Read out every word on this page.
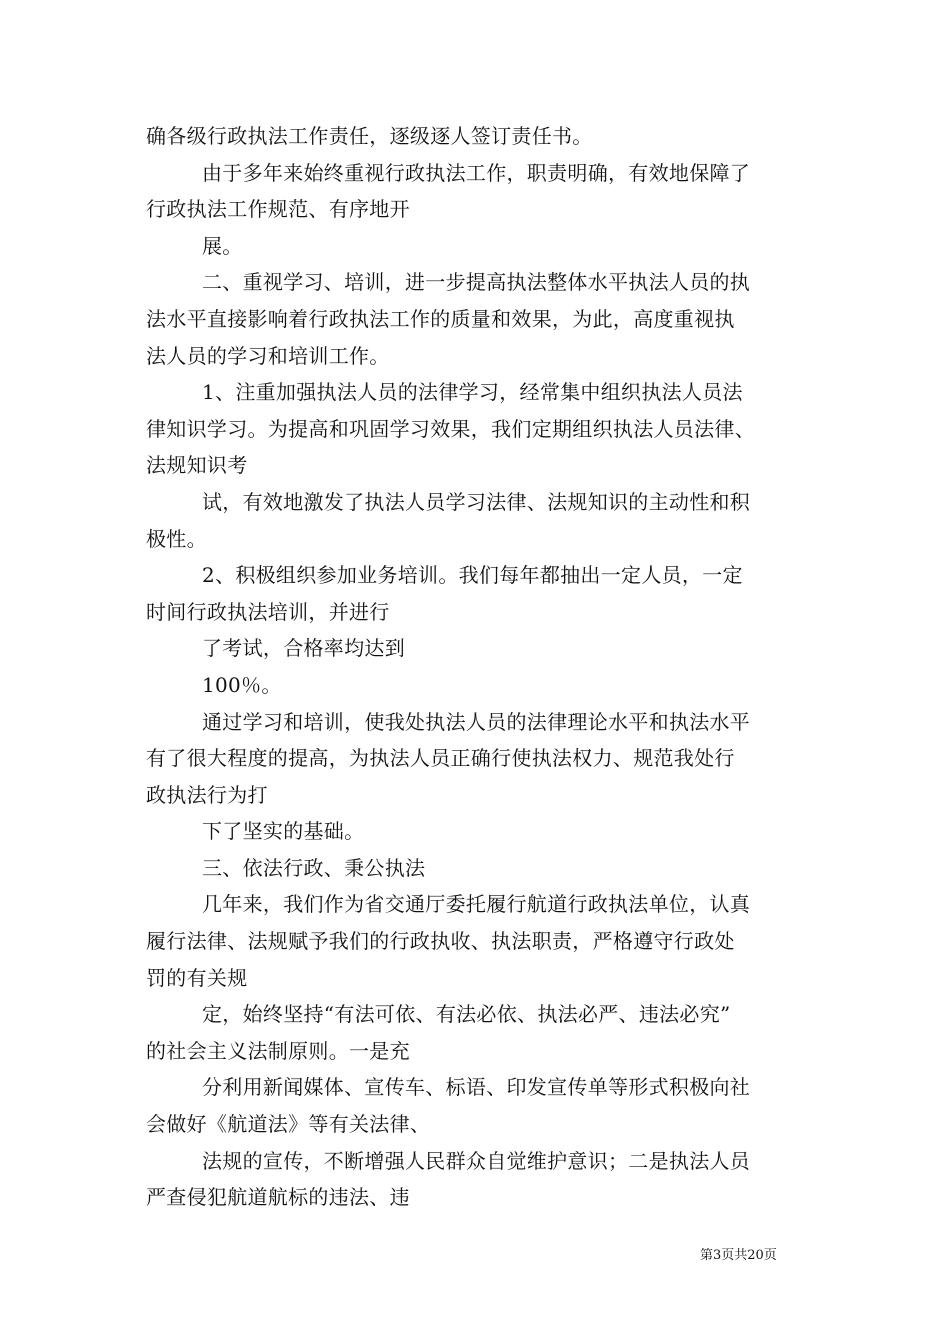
确各级行政执法工作责任，逐级逐人签订责任书。
由于多年来始终重视行政执法工作，职责明确，有效地保障了
行政执法工作规范、有序地开
展。
二、重视学习、培训，进一步提高执法整体水平执法人员的执
法水平直接影响着行政执法工作的质量和效果，为此，高度重视执
法人员的学习和培训工作。
1、注重加强执法人员的法律学习，经常集中组织执法人员法
律知识学习。为提高和巩固学习效果，我们定期组织执法人员法律、
法规知识考
试，有效地激发了执法人员学习法律、法规知识的主动性和积
极性。
2、积极组织参加业务培训。我们每年都抽出一定人员，一定
时间行政执法培训，并进行
了考试，合格率均达到
100％。
通过学习和培训，使我处执法人员的法律理论水平和执法水平
有了很大程度的提高，为执法人员正确行使执法权力、规范我处行
政执法行为打
下了坚实的基础。
三、依法行政、秉公执法
几年来，我们作为省交通厅委托履行航道行政执法单位，认真
履行法律、法规赋予我们的行政执收、执法职责，严格遵守行政处
罚的有关规
定，始终坚持“有法可依、有法必依、执法必严、违法必究”
的社会主义法制原则。一是充
分利用新闻媒体、宣传车、标语、印发宣传单等形式积极向社
会做好《航道法》等有关法律、
法规的宣传，不断增强人民群众自觉维护意识；二是执法人员
严查侵犯航道航标的违法、违
第3页共20页
